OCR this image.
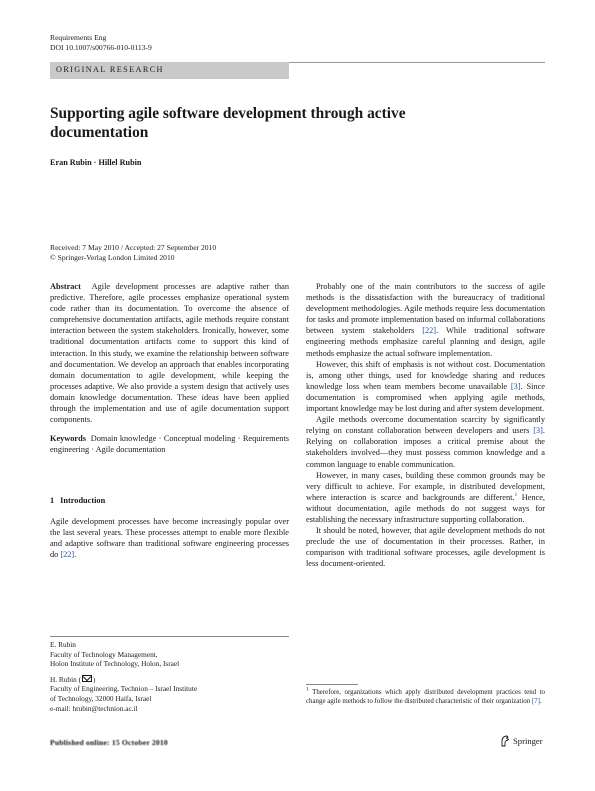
Requirements Eng
DOI 10.1007/s00766-010-0113-9
ORIGINAL RESEARCH
Supporting agile software development through active documentation
Eran Rubin · Hillel Rubin
Received: 7 May 2010 / Accepted: 27 September 2010
© Springer-Verlag London Limited 2010

Abstract Agile development processes are adaptive rather than predictive. Therefore, agile processes emphasize operational system code rather than its documentation. To overcome the absence of comprehensive documentation artifacts, agile methods require constant interaction between the system stakeholders. Ironically, however, some traditional documentation artifacts come to support this kind of interaction. In this study, we examine the relationship between software and documentation. We develop an approach that enables incorporating domain documentation to agile development, while keeping the processes adaptive. We also provide a system design that actively uses domain knowledge documentation. These ideas have been applied through the implementation and use of agile documentation support components.

Keywords Domain knowledge · Conceptual modeling · Requirements engineering · Agile documentation

1 Introduction

Agile development processes have become increasingly popular over the last several years. These processes attempt to enable more flexible and adaptive software than traditional software engineering processes do [22].

E. Rubin

Faculty of Technology Management,

Holon Institute of Technology, Holon, Israel

H. Rubin ( )

Faculty of Engineering, Technion – Israel Institute

of Technology, 32000 Haifa, Israel

e-mail: hrubin@technion.ac.il

Probably one of the main contributors to the success of agile methods is the dissatisfaction with the bureaucracy of traditional development methodologies. Agile methods require less documentation for tasks and promote implementation based on informal collaborations between system stakeholders [22]. While traditional software engineering methods emphasize careful planning and design, agile methods emphasize the actual software implementation.

However, this shift of emphasis is not without cost. Documentation is, among other things, used for knowledge sharing and reduces knowledge loss when team members become unavailable [3]. Since documentation is compromised when applying agile methods, important knowledge may be lost during and after system development.

Agile methods overcome documentation scarcity by significantly relying on constant collaboration between developers and users [3]. Relying on collaboration imposes a critical premise about the stakeholders involved—they must possess common knowledge and a common language to enable communication.

However, in many cases, building these common grounds may be very difficult to achieve. For example, in distributed development, where interaction is scarce and backgrounds are different.$^1$ Hence, without documentation, agile methods do not suggest ways for establishing the necessary infrastructure supporting collaboration.

It should be noted, however, that agile development methods do not preclude the use of documentation in their processes. Rather, in comparison with traditional software processes, agile development is less document-oriented.

$^1$ Therefore, organizations which apply distributed development practices tend to change agile methods to follow the distributed characteristic of their organization [7].

Published online: 15 October 2010	Springer
